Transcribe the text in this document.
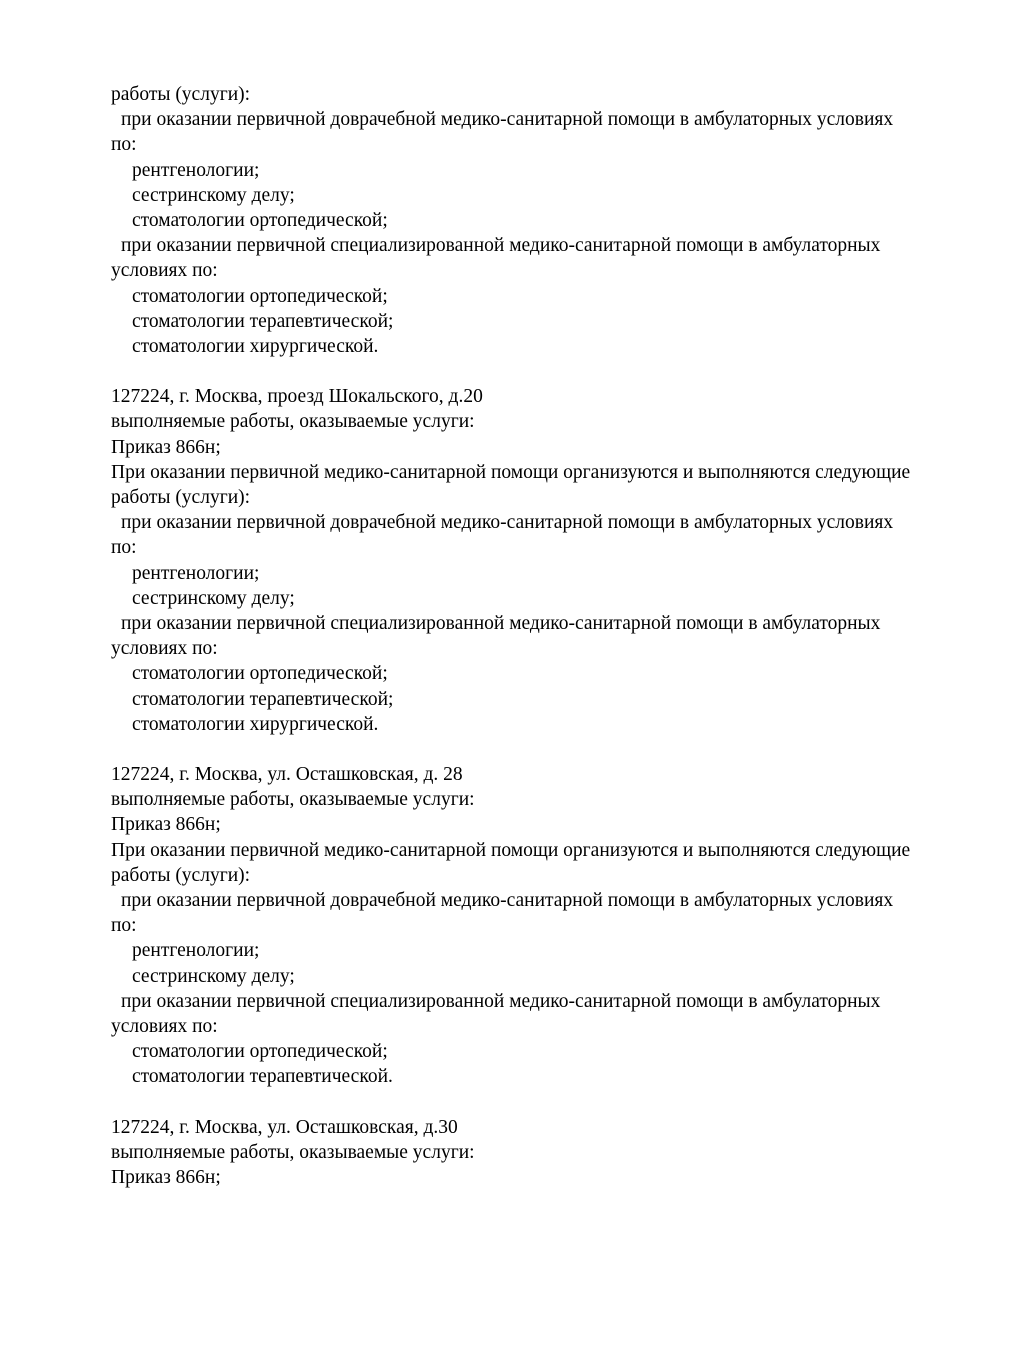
работы (услуги):
при оказании первичной доврачебной медико-санитарной помощи в амбулаторных условиях
по:
рентгенологии;
сестринскому делу;
стоматологии ортопедической;
при оказании первичной специализированной медико-санитарной помощи в амбулаторных
условиях по:
стоматологии ортопедической;
стоматологии терапевтической;
стоматологии хирургической.
127224, г. Москва, проезд Шокальского, д.20
выполняемые работы, оказываемые услуги:
Приказ 866н;
При оказании первичной медико-санитарной помощи организуются и выполняются следующие
работы (услуги):
при оказании первичной доврачебной медико-санитарной помощи в амбулаторных условиях
по:
рентгенологии;
сестринскому делу;
при оказании первичной специализированной медико-санитарной помощи в амбулаторных
условиях по:
стоматологии ортопедической;
стоматологии терапевтической;
стоматологии хирургической.
127224, г. Москва, ул. Осташковская, д. 28
выполняемые работы, оказываемые услуги:
Приказ 866н;
При оказании первичной медико-санитарной помощи организуются и выполняются следующие
работы (услуги):
при оказании первичной доврачебной медико-санитарной помощи в амбулаторных условиях
по:
рентгенологии;
сестринскому делу;
при оказании первичной специализированной медико-санитарной помощи в амбулаторных
условиях по:
стоматологии ортопедической;
стоматологии терапевтической.
127224, г. Москва, ул. Осташковская, д.30
выполняемые работы, оказываемые услуги:
Приказ 866н;
